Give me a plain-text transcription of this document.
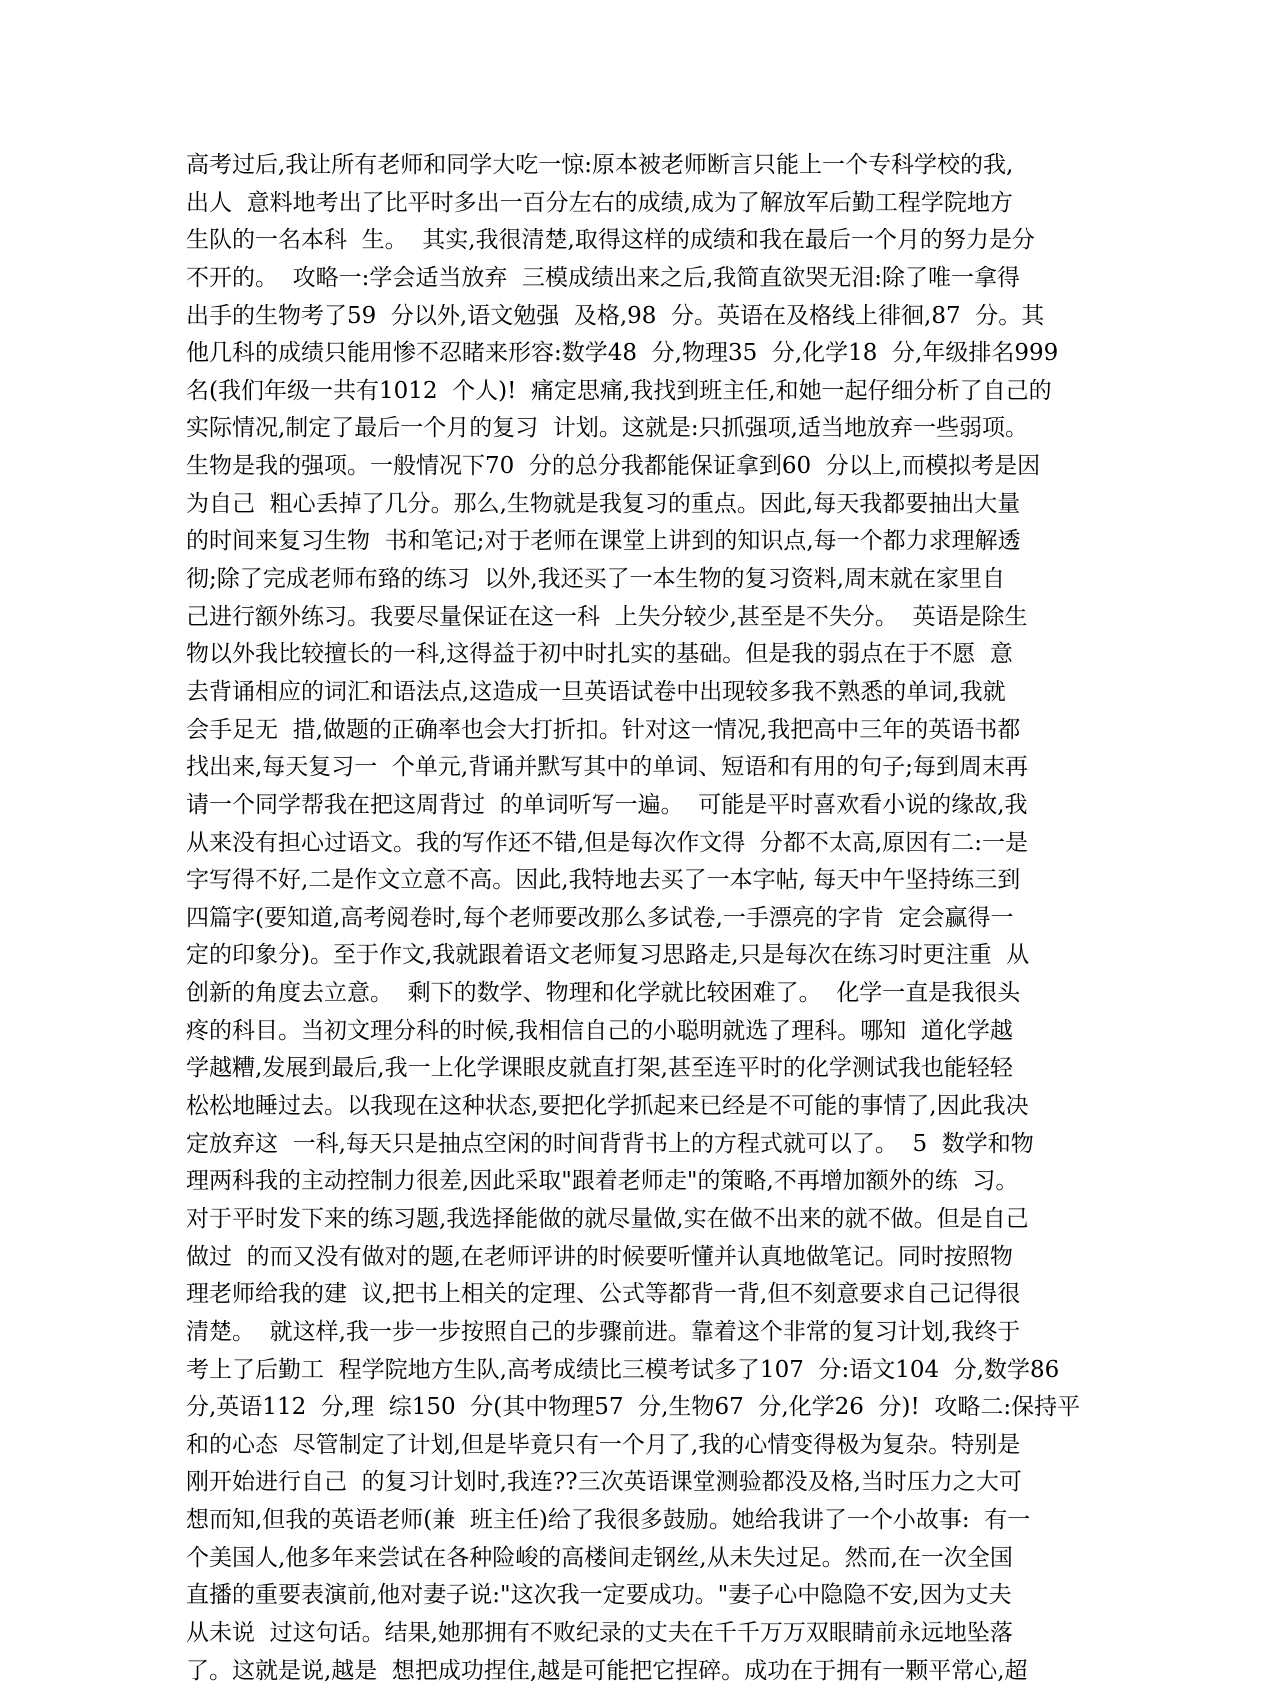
高考过后,我让所有老师和同学大吃一惊:原本被老师断言只能上一个专科学校的我,
出人  意料地考出了比平时多出一百分左右的成绩,成为了解放军后勤工程学院地方
生队的一名本科  生。  其实,我很清楚,取得这样的成绩和我在最后一个月的努力是分
不开的。  攻略一:学会适当放弃  三模成绩出来之后,我简直欲哭无泪:除了唯一拿得
出手的生物考了59  分以外,语文勉强  及格,98  分。英语在及格线上徘徊,87  分。其
他几科的成绩只能用惨不忍睹来形容:数学48  分,物理35  分,化学18  分,年级排名999
名(我们年级一共有1012  个人)!  痛定思痛,我找到班主任,和她一起仔细分析了自己的
实际情况,制定了最后一个月的复习  计划。这就是:只抓强项,适当地放弃一些弱项。
生物是我的强项。一般情况下70  分的总分我都能保证拿到60  分以上,而模拟考是因
为自己  粗心丢掉了几分。那么,生物就是我复习的重点。因此,每天我都要抽出大量
的时间来复习生物  书和笔记;对于老师在课堂上讲到的知识点,每一个都力求理解透
彻;除了完成老师布臵的练习  以外,我还买了一本生物的复习资料,周末就在家里自
己进行额外练习。我要尽量保证在这一科  上失分较少,甚至是不失分。  英语是除生
物以外我比较擅长的一科,这得益于初中时扎实的基础。但是我的弱点在于不愿  意
去背诵相应的词汇和语法点,这造成一旦英语试卷中出现较多我不熟悉的单词,我就
会手足无  措,做题的正确率也会大打折扣。针对这一情况,我把高中三年的英语书都
找出来,每天复习一  个单元,背诵并默写其中的单词、短语和有用的句子;每到周末再
请一个同学帮我在把这周背过  的单词听写一遍。  可能是平时喜欢看小说的缘故,我
从来没有担心过语文。我的写作还不错,但是每次作文得  分都不太高,原因有二:一是
字写得不好,二是作文立意不高。因此,我特地去买了一本字帖, 每天中午坚持练三到
四篇字(要知道,高考阅卷时,每个老师要改那么多试卷,一手漂亮的字肯  定会赢得一
定的印象分)。至于作文,我就跟着语文老师复习思路走,只是每次在练习时更注重  从
创新的角度去立意。  剩下的数学、物理和化学就比较困难了。  化学一直是我很头
疼的科目。当初文理分科的时候,我相信自己的小聪明就选了理科。哪知  道化学越
学越糟,发展到最后,我一上化学课眼皮就直打架,甚至连平时的化学测试我也能轻轻
松松地睡过去。以我现在这种状态,要把化学抓起来已经是不可能的事情了,因此我决
定放弃这  一科,每天只是抽点空闲的时间背背书上的方程式就可以了。  5  数学和物
理两科我的主动控制力很差,因此采取"跟着老师走"的策略,不再增加额外的练  习。
对于平时发下来的练习题,我选择能做的就尽量做,实在做不出来的就不做。但是自己
做过  的而又没有做对的题,在老师评讲的时候要听懂并认真地做笔记。同时按照物
理老师给我的建  议,把书上相关的定理、公式等都背一背,但不刻意要求自己记得很
清楚。  就这样,我一步一步按照自己的步骤前进。靠着这个非常的复习计划,我终于
考上了后勤工  程学院地方生队,高考成绩比三模考试多了107  分:语文104  分,数学86
分,英语112  分,理  综150  分(其中物理57  分,生物67  分,化学26  分)!  攻略二:保持平
和的心态  尽管制定了计划,但是毕竟只有一个月了,我的心情变得极为复杂。特别是
刚开始进行自己  的复习计划时,我连??三次英语课堂测验都没及格,当时压力之大可
想而知,但我的英语老师(兼  班主任)给了我很多鼓励。她给我讲了一个小故事:  有一
个美国人,他多年来尝试在各种险峻的高楼间走钢丝,从未失过足。然而,在一次全国
直播的重要表演前,他对妻子说:"这次我一定要成功。"妻子心中隐隐不安,因为丈夫
从未说  过这句话。结果,她那拥有不败纪录的丈夫在千千万万双眼睛前永远地坠落
了。这就是说,越是  想把成功捏住,越是可能把它捏碎。成功在于拥有一颗平常心,超
